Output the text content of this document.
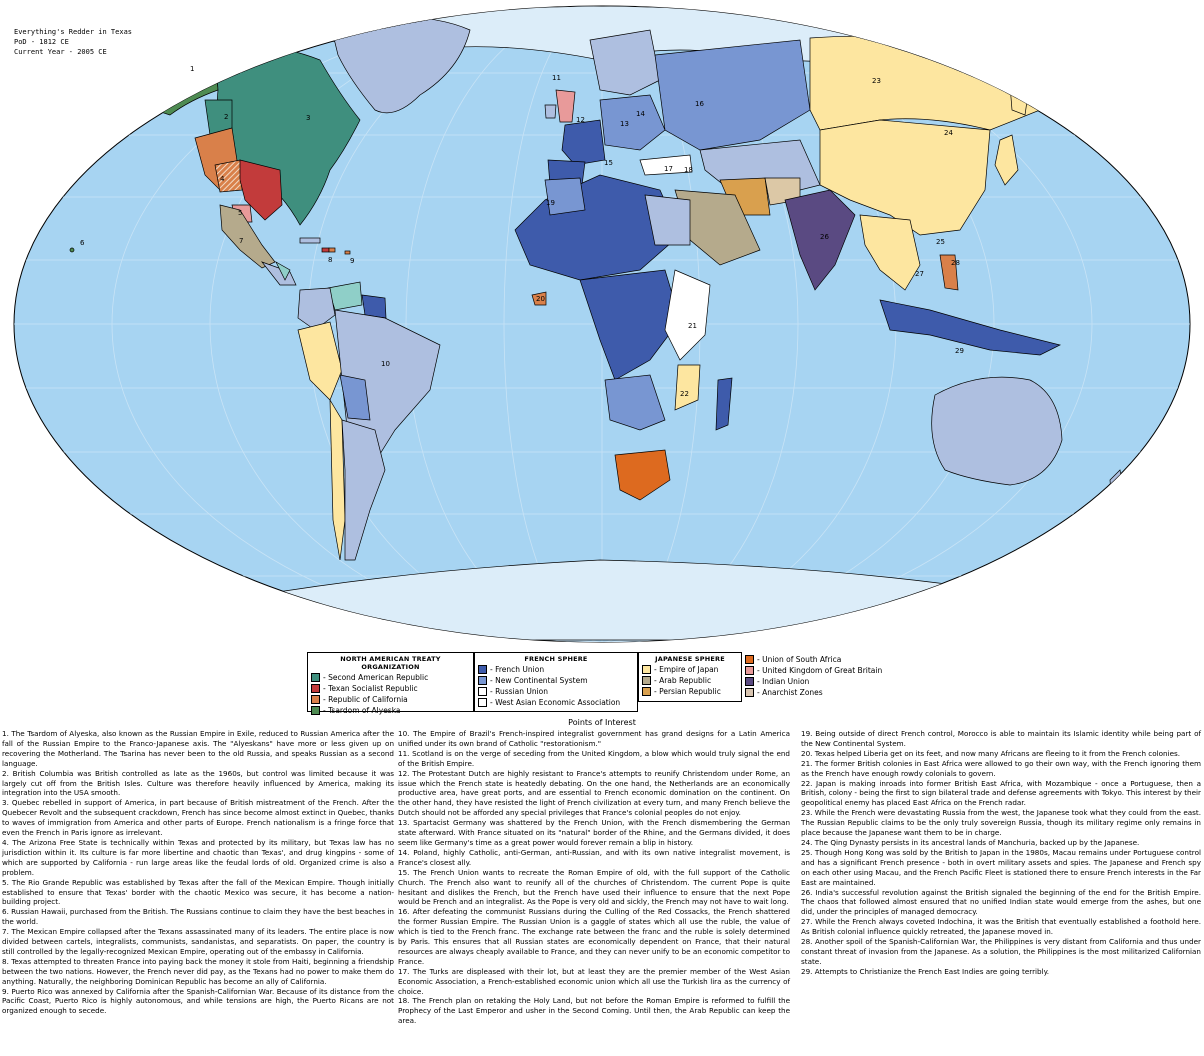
1
2	3
4
5
6	7
8	9
10
11
12	13
14
15
16
17 18
19
20
21
22
23
24
25
26
27
28
29
Everything's Redder in Texas
PoD - 1812 CE
Current Year - 2005 CE
NORTH AMERICAN TREATY ORGANIZATION
- Second American Republic
- Texan Socialist Republic
- Republic of California
- Tsardom of Alyeska
FRENCH SPHERE
- French Union
- New Continental System
- Russian Union
- West Asian Economic Association
JAPANESE SPHERE
- Empire of Japan
- Arab Republic
- Persian Republic
- Union of South Africa
- United Kingdom of Great Britain
- Indian Union
- Anarchist Zones
Points of Interest

1. The Tsardom of Alyeska, also known as the Russian Empire in Exile, reduced to Russian America after the fall of the Russian Empire to the Franco-Japanese axis. The "Alyeskans" have more or less given up on recovering the Motherland. The Tsarina has never been to the old Russia, and speaks Russian as a second language.

2. British Columbia was British controlled as late as the 1960s, but control was limited because it was largely cut off from the British Isles. Culture was therefore heavily influenced by America, making its integration into the USA smooth.

3. Quebec rebelled in support of America, in part because of British mistreatment of the French. After the Quebecer Revolt and the subsequent crackdown, French has since become almost extinct in Quebec, thanks to waves of immigration from America and other parts of Europe. French nationalism is a fringe force that even the French in Paris ignore as irrelevant.

4. The Arizona Free State is technically within Texas and protected by its military, but Texas law has no jurisdiction within it. Its culture is far more libertine and chaotic than Texas', and drug kingpins - some of which are supported by California - run large areas like the feudal lords of old. Organized crime is also a problem.

5. The Rio Grande Republic was established by Texas after the fall of the Mexican Empire. Though initially established to ensure that Texas' border with the chaotic Mexico was secure, it has become a nation-building project.

6. Russian Hawaii, purchased from the British. The Russians continue to claim they have the best beaches in the world.

7. The Mexican Empire collapsed after the Texans assassinated many of its leaders. The entire place is now divided between cartels, integralists, communists, sandanistas, and separatists. On paper, the country is still controlled by the legally-recognized Mexican Empire, operating out of the embassy in California.

8. Texas attempted to threaten France into paying back the money it stole from Haiti, beginning a friendship between the two nations. However, the French never did pay, as the Texans had no power to make them do anything. Naturally, the neighboring Dominican Republic has become an ally of California.

9. Puerto Rico was annexed by California after the Spanish-Californian War. Because of its distance from the Pacific Coast, Puerto Rico is highly autonomous, and while tensions are high, the Puerto Ricans are not organized enough to secede.

10. The Empire of Brazil's French-inspired integralist government has grand designs for a Latin America unified under its own brand of Catholic "restorationism."

11. Scotland is on the verge of seceding from the United Kingdom, a blow which would truly signal the end of the British Empire.

12. The Protestant Dutch are highly resistant to France's attempts to reunify Christendom under Rome, an issue which the French state is heatedly debating. On the one hand, the Netherlands are an economically productive area, have great ports, and are essential to French economic domination on the continent. On the other hand, they have resisted the light of French civilization at every turn, and many French believe the Dutch should not be afforded any special privileges that France's colonial peoples do not enjoy.

13. Spartacist Germany was shattered by the French Union, with the French dismembering the German state afterward. With France situated on its "natural" border of the Rhine, and the Germans divided, it does seem like Germany's time as a great power would forever remain a blip in history.

14. Poland, highly Catholic, anti-German, anti-Russian, and with its own native integralist movement, is France's closest ally.

15. The French Union wants to recreate the Roman Empire of old, with the full support of the Catholic Church. The French also want to reunify all of the churches of Christendom. The current Pope is quite hesitant and dislikes the French, but the French have used their influence to ensure that the next Pope would be French and an integralist. As the Pope is very old and sickly, the French may not have to wait long.

16. After defeating the communist Russians during the Culling of the Red Cossacks, the French shattered the former Russian Empire. The Russian Union is a gaggle of states which all use the ruble, the value of which is tied to the French franc. The exchange rate between the franc and the ruble is solely determined by Paris. This ensures that all Russian states are economically dependent on France, that their natural resources are always cheaply available to France, and they can never unify to be an economic competitor to France.

17. The Turks are displeased with their lot, but at least they are the premier member of the West Asian Economic Association, a French-established economic union which all use the Turkish lira as the currency of choice.

18. The French plan on retaking the Holy Land, but not before the Roman Empire is reformed to fulfill the Prophecy of the Last Emperor and usher in the Second Coming. Until then, the Arab Republic can keep the area.

19. Being outside of direct French control, Morocco is able to maintain its Islamic identity while being part of the New Continental System.

20. Texas helped Liberia get on its feet, and now many Africans are fleeing to it from the French colonies.

21. The former British colonies in East Africa were allowed to go their own way, with the French ignoring them as the French have enough rowdy colonials to govern.

22. Japan is making inroads into former British East Africa, with Mozambique - once a Portuguese, then a British, colony - being the first to sign bilateral trade and defense agreements with Tokyo. This interest by their geopolitical enemy has placed East Africa on the French radar.

23. While the French were devastating Russia from the west, the Japanese took what they could from the east. The Russian Republic claims to be the only truly sovereign Russia, though its military regime only remains in place because the Japanese want them to be in charge.

24. The Qing Dynasty persists in its ancestral lands of Manchuria, backed up by the Japanese.

25. Though Hong Kong was sold by the British to Japan in the 1980s, Macau remains under Portuguese control and has a significant French presence - both in overt military assets and spies. The Japanese and French spy on each other using Macau, and the French Pacific Fleet is stationed there to ensure French interests in the Far East are maintained.

26. India's successful revolution against the British signaled the beginning of the end for the British Empire. The chaos that followed almost ensured that no unified Indian state would emerge from the ashes, but one did, under the principles of managed democracy.

27. While the French always coveted Indochina, it was the British that eventually established a foothold here. As British colonial influence quickly retreated, the Japanese moved in.

28. Another spoil of the Spanish-Californian War, the Philippines is very distant from California and thus under constant threat of invasion from the Japanese. As a solution, the Philippines is the most militarized Californian state.

29. Attempts to Christianize the French East Indies are going terribly.
